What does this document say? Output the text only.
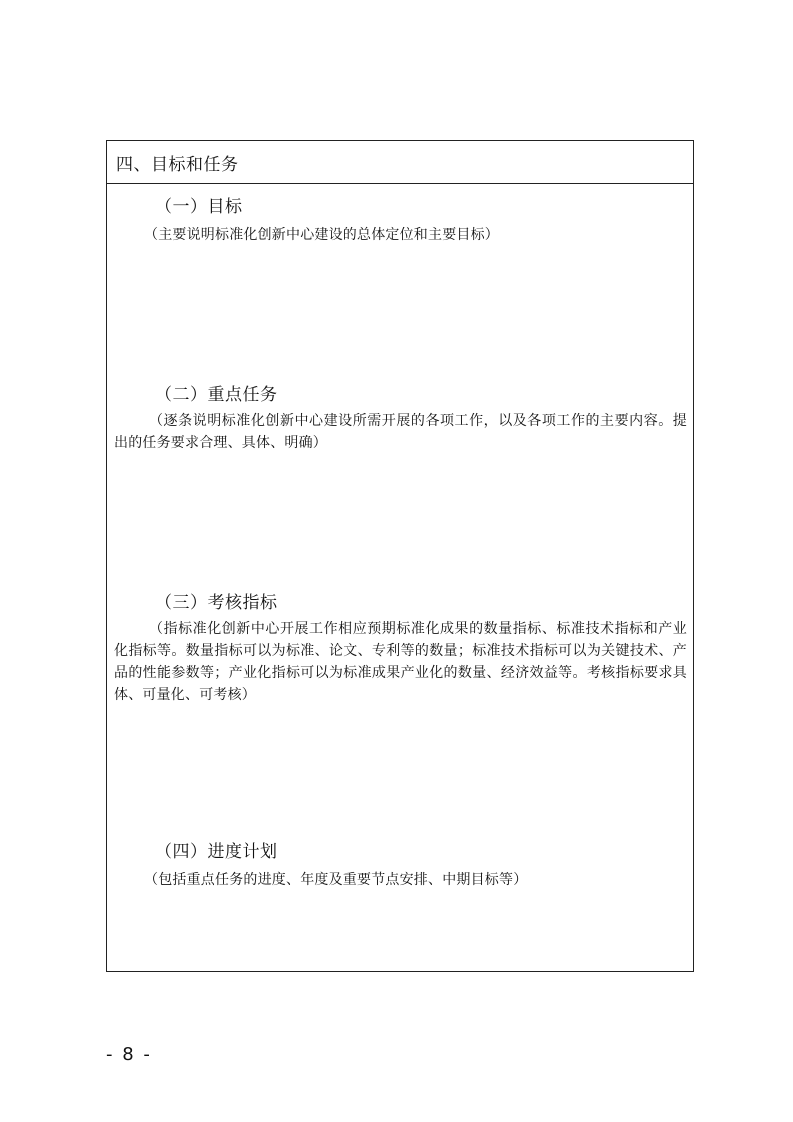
四、目标和任务
（一）目标
（主要说明标准化创新中心建设的总体定位和主要目标）
（二）重点任务
（逐条说明标准化创新中心建设所需开展的各项工作，以及各项工作的主要内容。提出的任务要求合理、具体、明确）
（三）考核指标
（指标准化创新中心开展工作相应预期标准化成果的数量指标、标准技术指标和产业化指标等。数量指标可以为标准、论文、专利等的数量；标准技术指标可以为关键技术、产品的性能参数等；产业化指标可以为标准成果产业化的数量、经济效益等。考核指标要求具体、可量化、可考核）
（四）进度计划
（包括重点任务的进度、年度及重要节点安排、中期目标等）
- 8 -
